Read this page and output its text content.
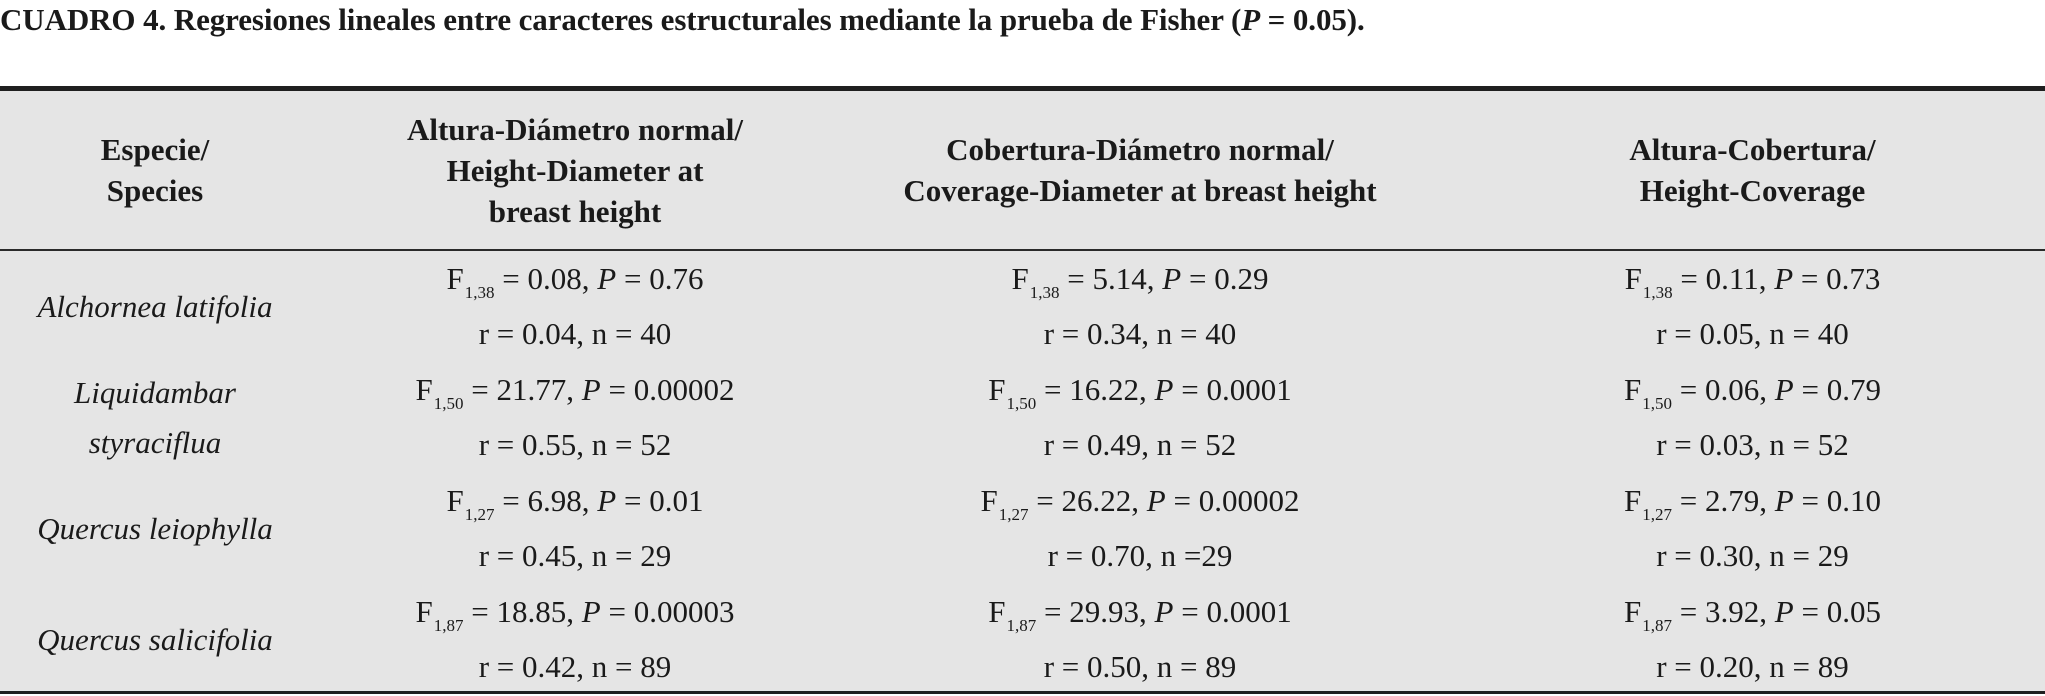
CUADRO 4. Regresiones lineales entre caracteres estructurales mediante la prueba de Fisher (P = 0.05).
Especie/
Species
Altura-Diámetro normal/
Height-Diameter at
breast height
Cobertura-Diámetro normal/
Coverage-Diameter at breast height
Altura-Cobertura/
Height-Coverage
Alchornea latifolia
$F_{1,38} = 0.08$, P = 0.76
r = 0.04, n = 40
$F_{1,38} = 5.14$, P = 0.29
r = 0.34, n = 40
$F_{1,38} = 0.11$, P = 0.73
r = 0.05, n = 40
Liquidambar
styraciflua
$F_{1,50} = 21.77$, P = 0.00002
r = 0.55, n = 52
$F_{1,50} = 16.22$, P = 0.0001
r = 0.49, n = 52
$F_{1,50} = 0.06$, P = 0.79
r = 0.03, n = 52
Quercus leiophylla
$F_{1,27} = 6.98$, P = 0.01
r = 0.45, n = 29
$F_{1,27} = 26.22$, P = 0.00002
r = 0.70, n =29
$F_{1,27} = 2.79$, P = 0.10
r = 0.30, n = 29
Quercus salicifolia
$F_{1,87} = 18.85$, P = 0.00003
r = 0.42, n = 89
$F_{1,87} = 29.93$, P = 0.0001
r = 0.50, n = 89
$F_{1,87} = 3.92$, P = 0.05
r = 0.20, n = 89
